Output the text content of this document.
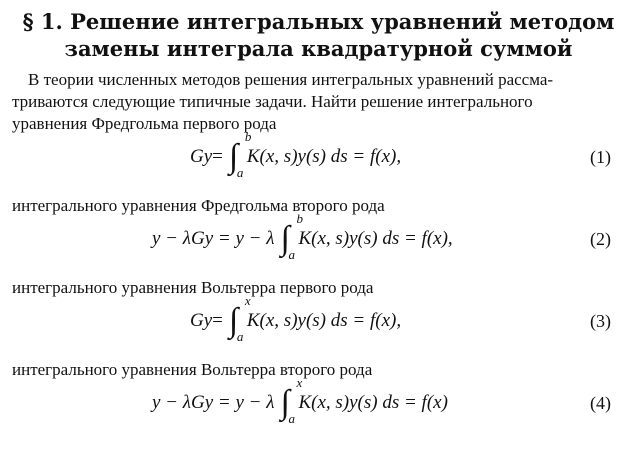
§ 1. Решение интегральных уравнений методом
замены интеграла квадратурной суммой
В теории численных методов решения интегральных уравнений рассма-
триваются следующие типичные задачи. Найти решение интегрального
уравнения Фредгольма первого рода
Gy = ∫
b
a
K(x, s)y(s) ds = f(x),	(1)

интегрального уравнения Фредгольма второго рода

y − λGy = y − λ ∫
b
a
K(x, s)y(s) ds = f(x),	(2)

интегрального уравнения Вольтерра первого рода

Gy = ∫
x
a
K(x, s)y(s) ds = f(x),	(3)

интегрального уравнения Вольтерра второго рода

y − λGy = y − λ ∫
x
a
K(x, s)y(s) ds = f(x)	(4)
